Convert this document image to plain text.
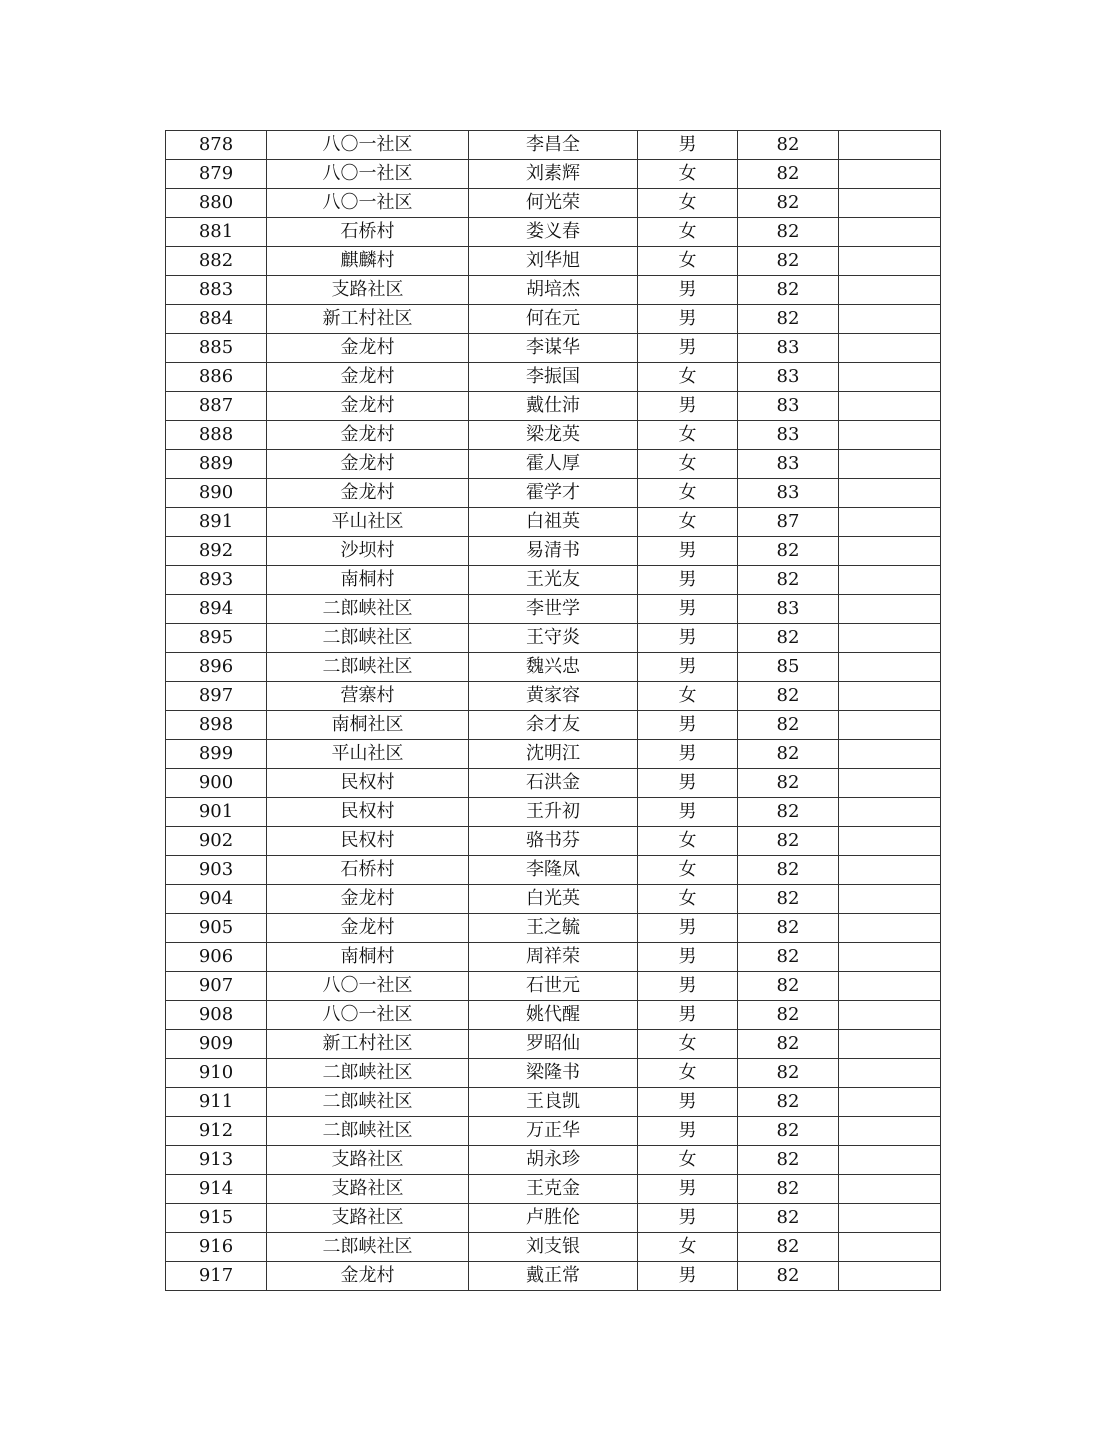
878	八〇一社区	李昌全	男	82	
879	八〇一社区	刘素辉	女	82	
880	八〇一社区	何光荣	女	82	
881	石桥村	娄义春	女	82	
882	麒麟村	刘华旭	女	82	
883	支路社区	胡培杰	男	82	
884	新工村社区	何在元	男	82	
885	金龙村	李谋华	男	83	
886	金龙村	李振国	女	83	
887	金龙村	戴仕沛	男	83	
888	金龙村	梁龙英	女	83	
889	金龙村	霍人厚	女	83	
890	金龙村	霍学才	女	83	
891	平山社区	白祖英	女	87	
892	沙坝村	易清书	男	82	
893	南桐村	王光友	男	82	
894	二郎峡社区	李世学	男	83	
895	二郎峡社区	王守炎	男	82	
896	二郎峡社区	魏兴忠	男	85	
897	营寨村	黄家容	女	82	
898	南桐社区	余才友	男	82	
899	平山社区	沈明江	男	82	
900	民权村	石洪金	男	82	
901	民权村	王升初	男	82	
902	民权村	骆书芬	女	82	
903	石桥村	李隆凤	女	82	
904	金龙村	白光英	女	82	
905	金龙村	王之毓	男	82	
906	南桐村	周祥荣	男	82	
907	八〇一社区	石世元	男	82	
908	八〇一社区	姚代醒	男	82	
909	新工村社区	罗昭仙	女	82	
910	二郎峡社区	梁隆书	女	82	
911	二郎峡社区	王良凯	男	82	
912	二郎峡社区	万正华	男	82	
913	支路社区	胡永珍	女	82	
914	支路社区	王克金	男	82	
915	支路社区	卢胜伦	男	82	
916	二郎峡社区	刘支银	女	82	
917	金龙村	戴正常	男	82	
